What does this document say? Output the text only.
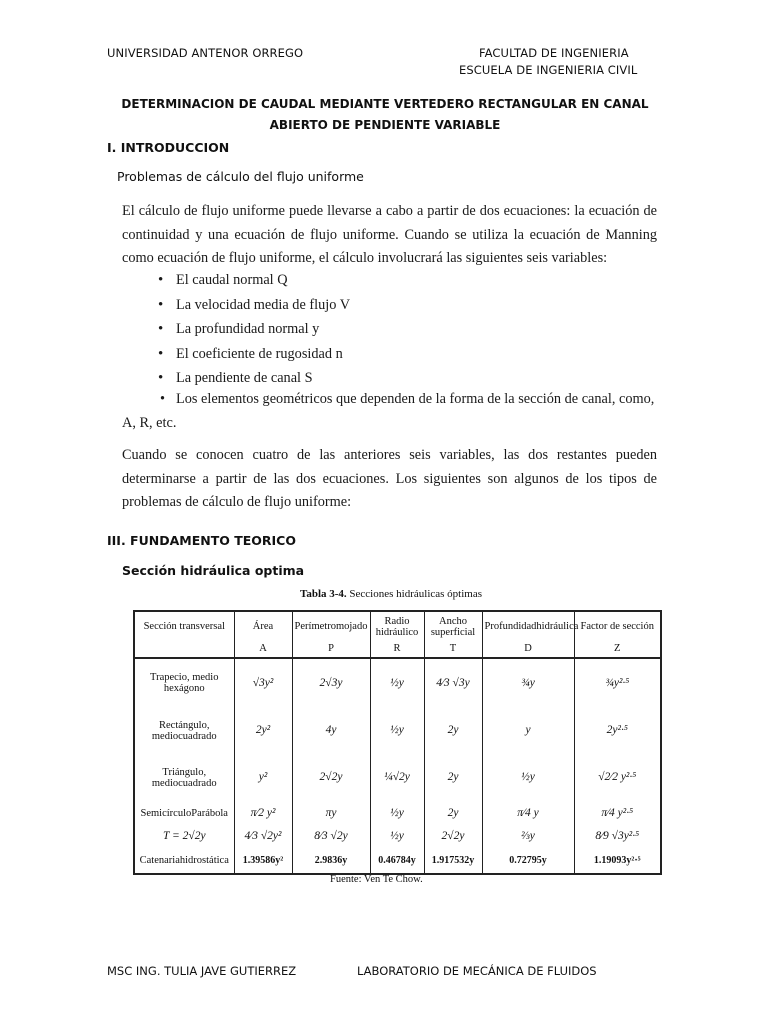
UNIVERSIDAD ANTENOR ORREGO	FACULTAD DE INGENIERIA
ESCUELA DE INGENIERIA CIVIL
DETERMINACION DE CAUDAL MEDIANTE VERTEDERO RECTANGULAR EN CANAL ABIERTO DE PENDIENTE VARIABLE
I. INTRODUCCION
Problemas de cálculo del flujo uniforme
El cálculo de flujo uniforme puede llevarse a cabo a partir de dos ecuaciones: la ecuación de continuidad y una ecuación de flujo uniforme. Cuando se utiliza la ecuación de Manning como ecuación de flujo uniforme, el cálculo involucrará las siguientes seis variables:
• El caudal normal Q
• La velocidad media de flujo V
• La profundidad normal y
• El coeficiente de rugosidad n
• La pendiente de canal S
• Los elementos geométricos que dependen de la forma de la sección de canal, como, A, R, etc.
Cuando se conocen cuatro de las anteriores seis variables, las dos restantes pueden determinarse a partir de las dos ecuaciones. Los siguientes son algunos de los tipos de problemas de cálculo de flujo uniforme:
III. FUNDAMENTO TEORICO
Sección hidráulica optima
Tabla 3-4. Secciones hidráulicas óptimas
Sección transversal	Área	Perímetromojado	Radio hidráulico	Ancho superficial	Profundidadhidráulica	Factor de sección
	A	P	R	T	D	Z
Trapecio, medio hexágono	√3y²	2√3y	½y	4⁄3 √3y	¾y	¾y²·⁵
Rectángulo, mediocuadrado	2y²	4y	½y	2y	y	2y²·⁵
Triángulo, mediocuadrado	y²	2√2y	¼√2y	2y	½y	√2⁄2 y²·⁵
SemicírculoParábola	π⁄2 y²	πy	½y	2y	π⁄4 y	π⁄4 y²·⁵
T = 2√2y	4⁄3 √2y²	8⁄3 √2y	½y	2√2y	⅔y	8⁄9 √3y²·⁵
Catenariahidrostática	1.39586y²	2.9836y	0.46784y	1.917532y	0.72795y	1.19093y²·⁵
Fuente: Ven Te Chow.
MSC ING. TULIA JAVE GUTIERREZ	LABORATORIO DE MECÁNICA DE FLUIDOS
